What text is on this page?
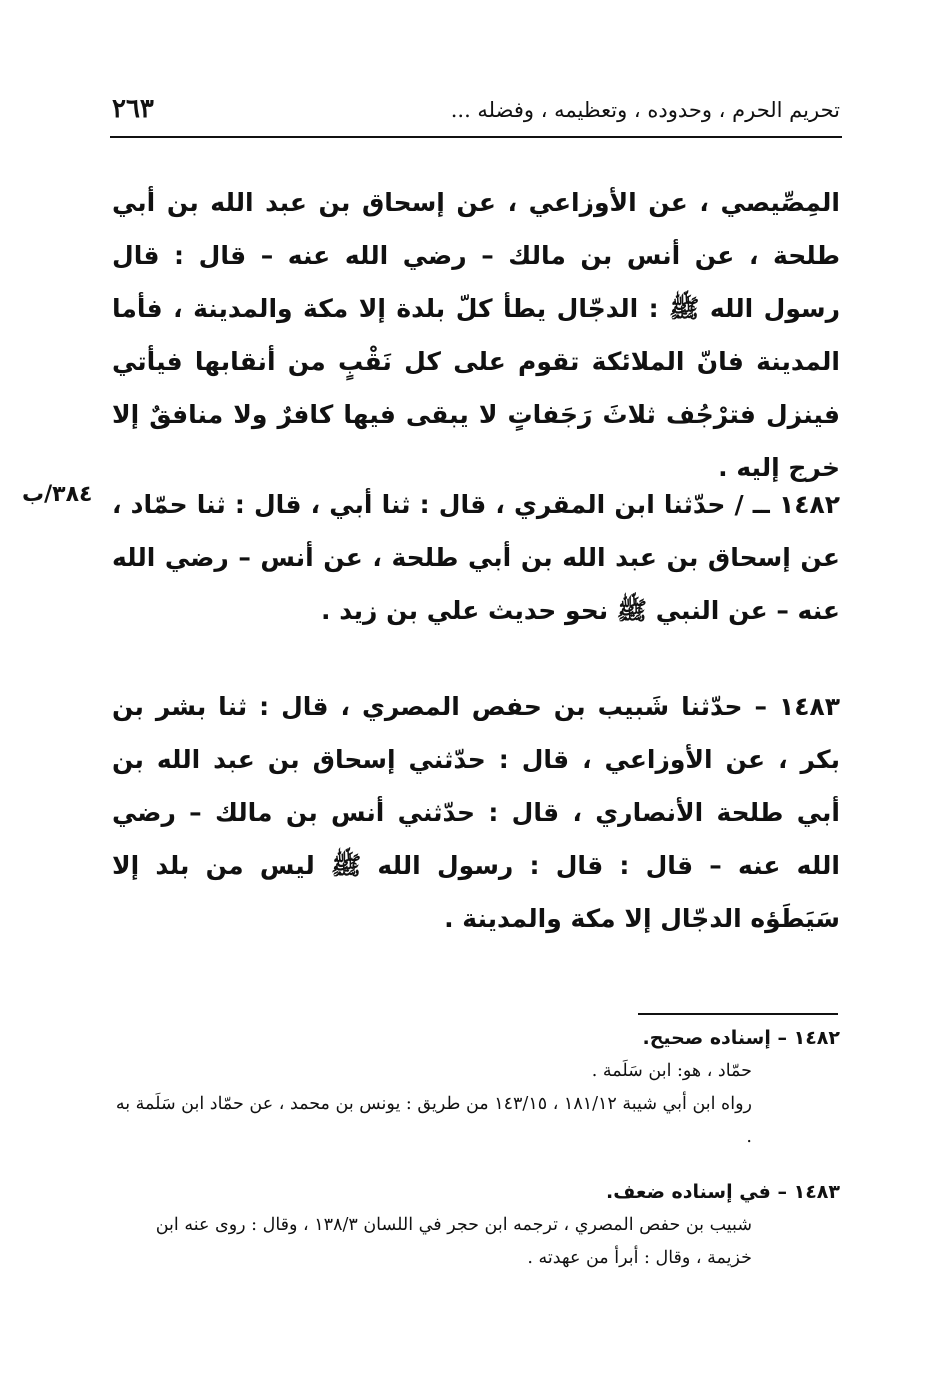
تحريم الحرم ، وحدوده ، وتعظيمه ، وفضله ...
٢٦٣
المِصِّيصي ، عن الأوزاعي ، عن إسحاق بن عبد الله بن أبي طلحة ، عن أنس بن مالك – رضي الله عنه – قال : قال رسول الله ﷺ : الدجّال يطأ كلّ بلدة إلا مكة والمدينة ، فأما المدينة فانّ الملائكة تقوم على كل نَقْبٍ من أنقابها فيأتي فينزل فترْجُف ثلاثَ رَجَفاتٍ لا يبقى فيها كافرٌ ولا منافقٌ إلا خرج إليه .
٣٨٤/ب ١٤٨٢ ــ / حدّثنا ابن المقري ، قال : ثنا أبي ، قال : ثنا حمّاد ، عن إسحاق بن عبد الله بن أبي طلحة ، عن أنس – رضي الله عنه – عن النبي ﷺ نحو حديث علي بن زيد .
١٤٨٣ – حدّثنا شَبيب بن حفص المصري ، قال : ثنا بشر بن بكر ، عن الأوزاعي ، قال : حدّثني إسحاق بن عبد الله بن أبي طلحة الأنصاري ، قال : حدّثني أنس بن مالك – رضي الله عنه – قال : قال : رسول الله ﷺ ليس من بلد إلا سَيَطَؤه الدجّال إلا مكة والمدينة .
١٤٨٢ – إسناده صحيح.
حمّاد ، هو: ابن سَلَمة .
رواه ابن أبي شيبة ١٨١/١٢ ، ١٤٣/١٥ من طريق : يونس بن محمد ، عن حمّاد ابن سَلَمة به .
١٤٨٣ – في إسناده ضعف.
شبيب بن حفص المصري ، ترجمه ابن حجر في اللسان ١٣٨/٣ ، وقال : روى عنه ابن خزيمة ، وقال : أبرأ من عهدته .
